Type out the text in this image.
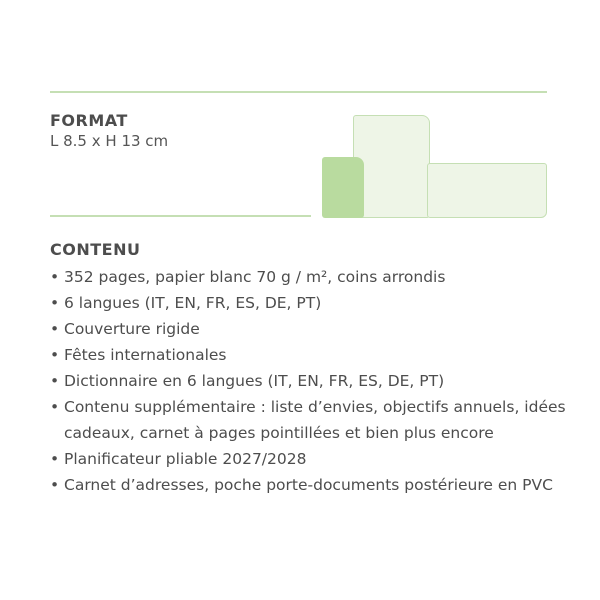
FORMAT
L 8.5 x H 13 cm
CONTENU
• 352 pages, papier blanc 70 g / m², coins arrondis
• 6 langues (IT, EN, FR, ES, DE, PT)
• Couverture rigide
• Fêtes internationales
• Dictionnaire en 6 langues (IT, EN, FR, ES, DE, PT)
• Contenu supplémentaire : liste d’envies, objectifs annuels, idées cadeaux, carnet à pages pointillées et bien plus encore
• Planificateur pliable 2027/2028
• Carnet d’adresses, poche porte-documents postérieure en PVC
